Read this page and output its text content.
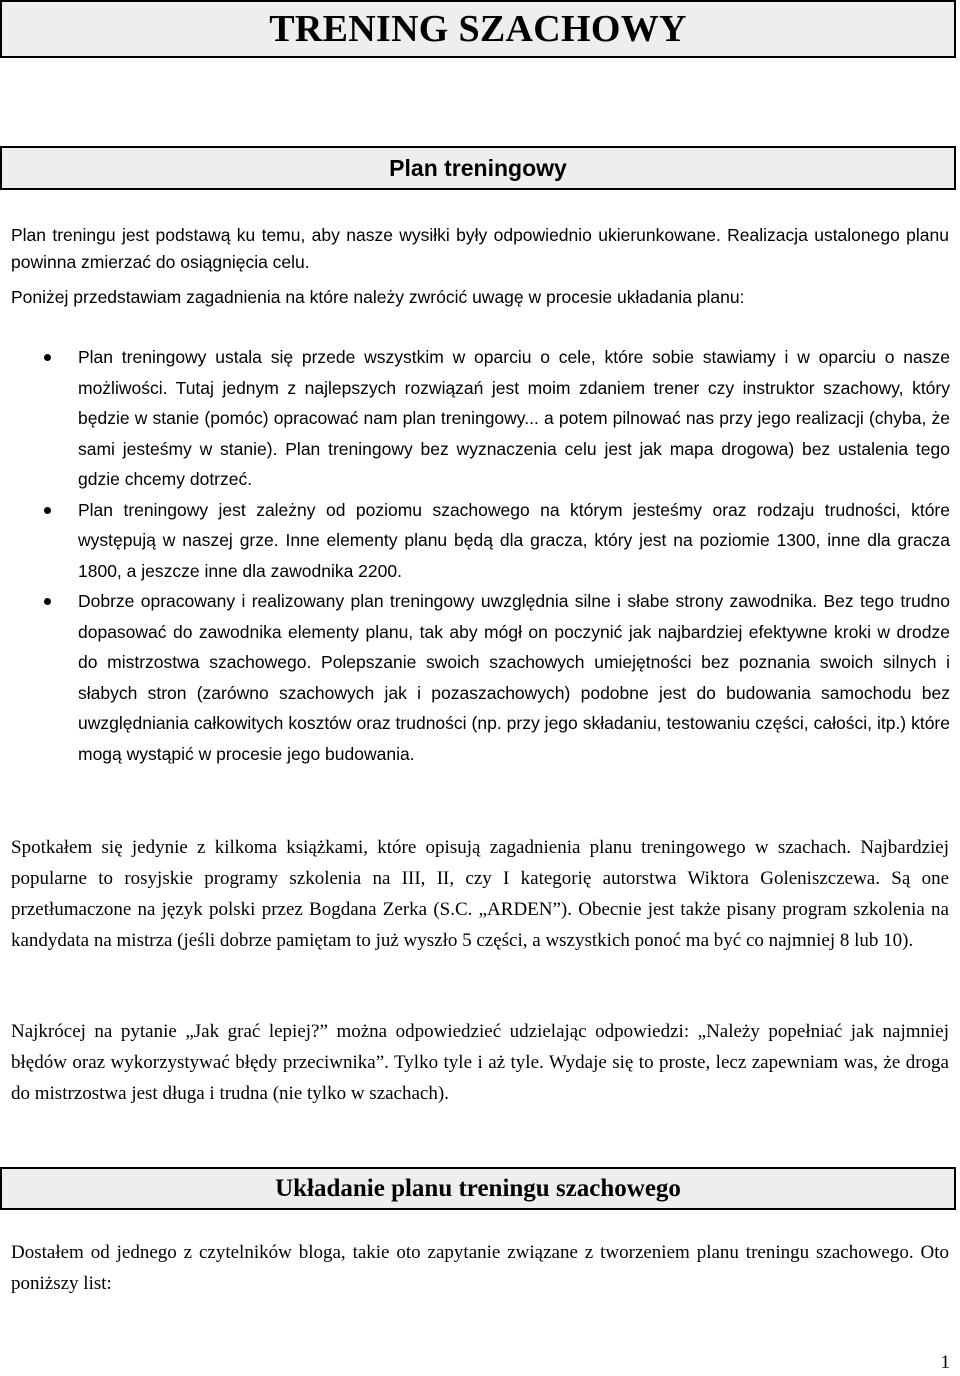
TRENING SZACHOWY
Plan treningowy

Plan treningu jest podstawą ku temu, aby nasze wysiłki były odpowiednio ukierunkowane. Realizacja ustalonego planu powinna zmierzać do osiągnięcia celu.

Poniżej przedstawiam zagadnienia na które należy zwrócić uwagę w procesie układania planu:

Plan treningowy ustala się przede wszystkim w oparciu o cele, które sobie stawiamy i w oparciu o nasze możliwości. Tutaj jednym z najlepszych rozwiązań jest moim zdaniem trener czy instruktor szachowy, który będzie w stanie (pomóc) opracować nam plan treningowy... a potem pilnować nas przy jego realizacji (chyba, że sami jesteśmy w stanie). Plan treningowy bez wyznaczenia celu jest jak mapa drogowa) bez ustalenia tego gdzie chcemy dotrzeć.
Plan treningowy jest zależny od poziomu szachowego na którym jesteśmy oraz rodzaju trudności, które występują w naszej grze. Inne elementy planu będą dla gracza, który jest na poziomie 1300, inne dla gracza 1800, a jeszcze inne dla zawodnika 2200.
Dobrze opracowany i realizowany plan treningowy uwzględnia silne i słabe strony zawodnika. Bez tego trudno dopasować do zawodnika elementy planu, tak aby mógł on poczynić jak najbardziej efektywne kroki w drodze do mistrzostwa szachowego. Polepszanie swoich szachowych umiejętności bez poznania swoich silnych i słabych stron (zarówno szachowych jak i pozaszachowych) podobne jest do budowania samochodu bez uwzględniania całkowitych kosztów oraz trudności (np. przy jego składaniu, testowaniu części, całości, itp.) które mogą wystąpić w procesie jego budowania.

Spotkałem się jedynie z kilkoma książkami, które opisują zagadnienia planu treningowego w szachach. Najbardziej popularne to rosyjskie programy szkolenia na III, II, czy I kategorię autorstwa Wiktora Goleniszczewa. Są one przetłumaczone na język polski przez Bogdana Zerka (S.C. „ARDEN”). Obecnie jest także pisany program szkolenia na kandydata na mistrza (jeśli dobrze pamiętam to już wyszło 5 części, a wszystkich ponoć ma być co najmniej 8 lub 10).

Najkrócej na pytanie „Jak grać lepiej?” można odpowiedzieć udzielając odpowiedzi: „Należy popełniać jak najmniej błędów oraz wykorzystywać błędy przeciwnika”. Tylko tyle i aż tyle. Wydaje się to proste, lecz zapewniam was, że droga do mistrzostwa jest długa i trudna (nie tylko w szachach).

Układanie planu treningu szachowego

Dostałem od jednego z czytelników bloga, takie oto zapytanie związane z tworzeniem planu treningu szachowego. Oto poniższy list:

1
